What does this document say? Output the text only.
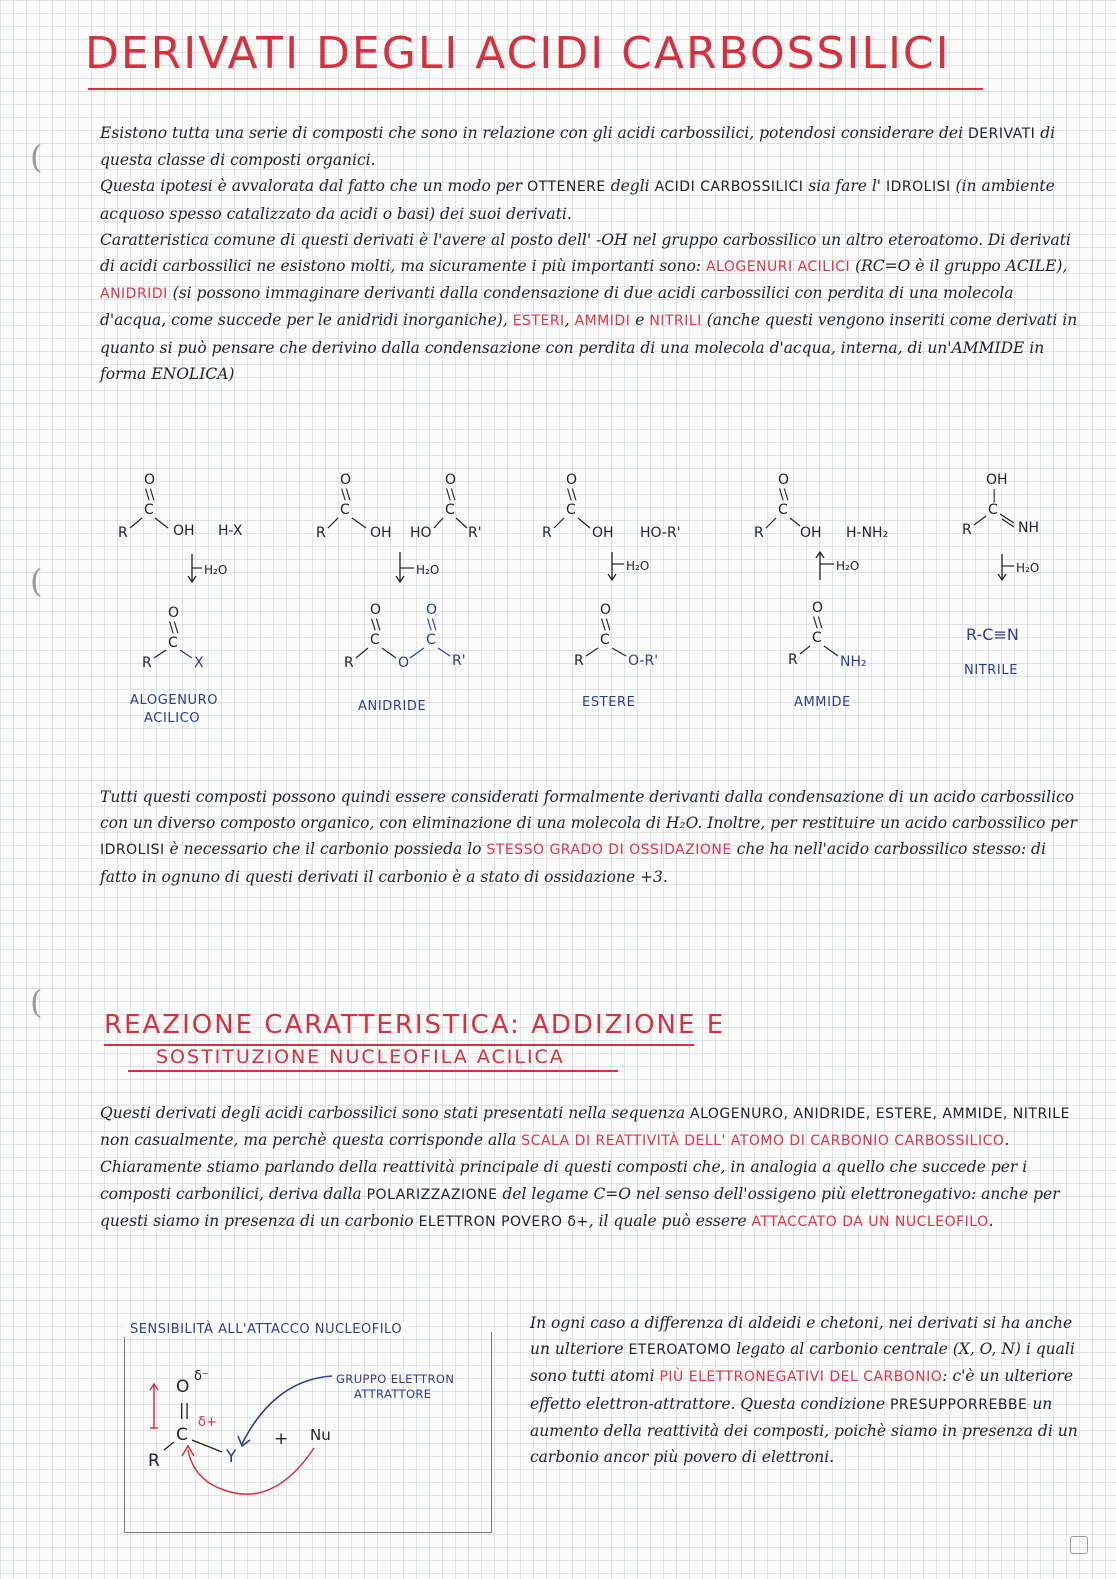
DERIVATI DEGLI ACIDI CARBOSSILICI
(
(
(
Esistono tutta una serie di composti che sono in relazione con gli acidi carbossilici, potendosi considerare dei DERIVATI di questa classe di composti organici.
Questa ipotesi è avvalorata dal fatto che un modo per OTTENERE degli ACIDI CARBOSSILICI sia fare l' IDROLISI (in ambiente acquoso spesso catalizzato da acidi o basi) dei suoi derivati.
Caratteristica comune di questi derivati è l'avere al posto dell' -OH nel gruppo carbossilico un altro eteroatomo. Di derivati di acidi carbossilici ne esistono molti, ma sicuramente i più importanti sono: ALOGENURI ACILICI (RC=O è il gruppo ACILE), ANIDRIDI (si possono immaginare derivanti dalla condensazione di due acidi carbossilici con perdita di una molecola d'acqua, come succede per le anidridi inorganiche), ESTERI, AMMIDI e NITRILI (anche questi vengono inseriti come derivati in quanto si può pensare che derivino dalla condensazione con perdita di una molecola d'acqua, interna, di un'AMMIDE in forma ENOLICA)
O
\\
C
R	OH H-X
H₂O
O
\\
C
R	OH HO
O
\\
C
R'
H₂O
O
\\
C
R	OH HO-R'
H₂O
O
\\
C
R	OH H-NH₂
H₂O
OH
|
C
R	NH
H₂O
O
\\
C
R	X
O
\\
C
R	O
O
\\
C
R'
O
\\
C
R	O-R'
O
\\
C
R	NH₂
R-C≡N
ALOGENURO
ACILICO
ANIDRIDE	ESTERE	AMMIDE
NITRILE
Tutti questi composti possono quindi essere considerati formalmente derivanti dalla condensazione di un acido carbossilico con un diverso composto organico, con eliminazione di una molecola di H₂O. Inoltre, per restituire un acido carbossilico per IDROLISI è necessario che il carbonio possieda lo STESSO GRADO DI OSSIDAZIONE che ha nell'acido carbossilico stesso: di fatto in ognuno di questi derivati il carbonio è a stato di ossidazione +3.
REAZIONE CARATTERISTICA: ADDIZIONE E
SOSTITUZIONE NUCLEOFILA ACILICA
Questi derivati degli acidi carbossilici sono stati presentati nella sequenza ALOGENURO, ANIDRIDE, ESTERE, AMMIDE, NITRILE non casualmente, ma perchè questa corrisponde alla SCALA DI REATTIVITÀ DELL' ATOMO DI CARBONIO CARBOSSILICO.
Chiaramente stiamo parlando della reattività principale di questi composti che, in analogia a quello che succede per i composti carbonilici, deriva dalla POLARIZZAZIONE del legame C=O nel senso dell'ossigeno più elettronegativo: anche per questi siamo in presenza di un carbonio ELETTRON POVERO δ+, il quale può essere ATTACCATO DA UN NUCLEOFILO.
SENSIBILITÀ ALL'ATTACCO NUCLEOFILO
O
δ⁻
||
C
δ+
R	Y
+ Nu
GRUPPO ELETTRON
ATTRATTORE
In ogni caso a differenza di aldeidi e chetoni, nei derivati si ha anche un ulteriore ETEROATOMO legato al carbonio centrale (X, O, N) i quali sono tutti atomi PIÙ ELETTRONEGATIVI DEL CARBONIO: c'è un ulteriore effetto elettron-attrattore. Questa condizione PRESUPPORREBBE un aumento della reattività dei composti, poichè siamo in presenza di un carbonio ancor più povero di elettroni.
